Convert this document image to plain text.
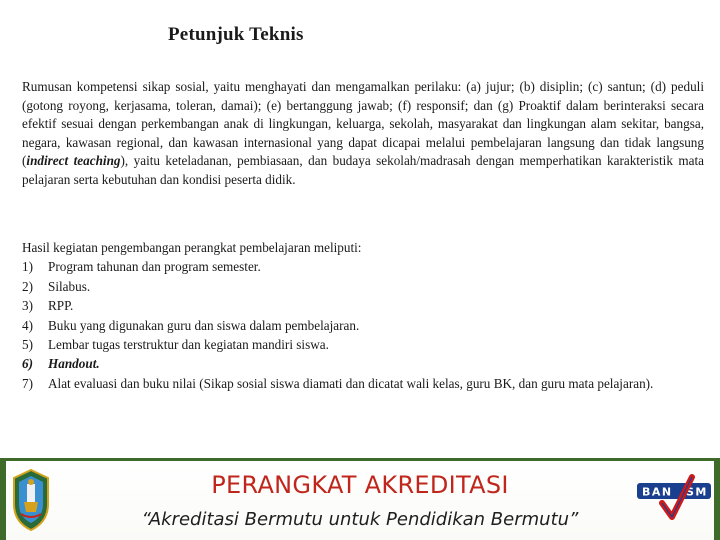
Petunjuk Teknis

Rumusan kompetensi sikap sosial, yaitu menghayati dan mengamalkan perilaku: (a) jujur; (b) disiplin; (c) santun; (d) peduli (gotong royong, kerjasama, toleran, damai); (e) bertanggung jawab; (f) responsif; dan (g) Proaktif dalam berinteraksi secara efektif sesuai dengan perkembangan anak di lingkungan, keluarga, sekolah, masyarakat dan lingkungan alam sekitar, bangsa, negara, kawasan regional, dan kawasan internasional yang dapat dicapai melalui pembelajaran langsung dan tidak langsung (indirect teaching), yaitu keteladanan, pembiasaan, dan budaya sekolah/madrasah dengan memperhatikan karakteristik mata pelajaran serta kebutuhan dan kondisi peserta didik.

Hasil kegiatan pengembangan perangkat pembelajaran meliputi:
1)	Program tahunan dan program semester.
2)	Silabus.
3)	RPP.
4)	Buku yang digunakan guru dan siswa dalam pembelajaran.
5)	Lembar tugas terstruktur dan kegiatan mandiri siswa.
6)	Handout.
7)	Alat evaluasi dan buku nilai (Sikap sosial siswa diamati dan dicatat wali kelas, guru BK, dan guru mata pelajaran).
PERANGKAT AKREDITASI
“Akreditasi Bermutu untuk Pendidikan Bermutu”
BAN SM
